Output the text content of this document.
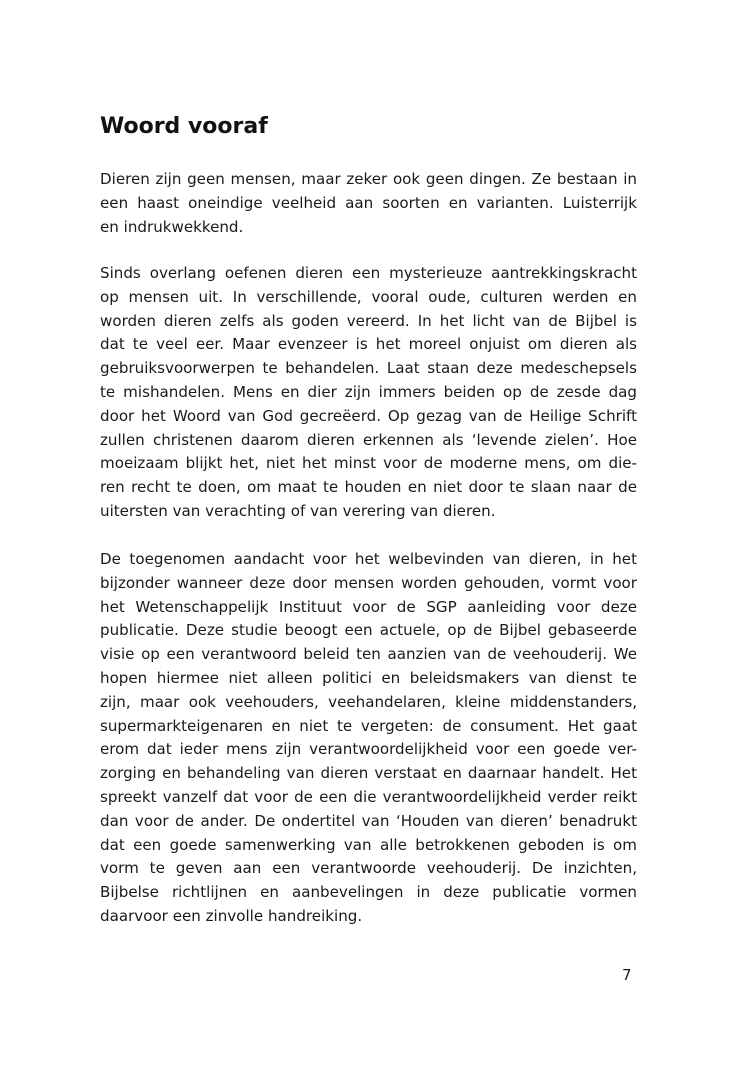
Woord vooraf

Dieren zijn geen mensen, maar zeker ook geen dingen. Ze bestaan in
een haast oneindige veelheid aan soorten en varianten. Luisterrijk
en indrukwekkend.

Sinds overlang oefenen dieren een mysterieuze aantrekkingskracht
op mensen uit. In verschillende, vooral oude, culturen werden en
worden dieren zelfs als goden vereerd. In het licht van de Bijbel is
dat te veel eer. Maar evenzeer is het moreel onjuist om dieren als
gebruiksvoorwerpen te behandelen. Laat staan deze medeschepsels
te mishandelen. Mens en dier zijn immers beiden op de zesde dag
door het Woord van God gecreëerd. Op gezag van de Heilige Schrift
zullen christenen daarom dieren erkennen als ‘levende zielen’. Hoe
moeizaam blijkt het, niet het minst voor de moderne mens, om die-
ren recht te doen, om maat te houden en niet door te slaan naar de
uitersten van verachting of van verering van dieren.

De toegenomen aandacht voor het welbevinden van dieren, in het
bijzonder wanneer deze door mensen worden gehouden, vormt voor
het Wetenschappelijk Instituut voor de SGP aanleiding voor deze
publicatie. Deze studie beoogt een actuele, op de Bijbel gebaseerde
visie op een verantwoord beleid ten aanzien van de veehouderij. We
hopen hiermee niet alleen politici en beleidsmakers van dienst te
zijn, maar ook veehouders, veehandelaren, kleine middenstanders,
supermarkteigenaren en niet te vergeten: de consument. Het gaat
erom dat ieder mens zijn verantwoordelijkheid voor een goede ver-
zorging en behandeling van dieren verstaat en daarnaar handelt. Het
spreekt vanzelf dat voor de een die verantwoordelijkheid verder reikt
dan voor de ander. De ondertitel van ‘Houden van dieren’ benadrukt
dat een goede samenwerking van alle betrokkenen geboden is om
vorm te geven aan een verantwoorde veehouderij. De inzichten,
Bijbelse richtlijnen en aanbevelingen in deze publicatie vormen
daarvoor een zinvolle handreiking.

7
